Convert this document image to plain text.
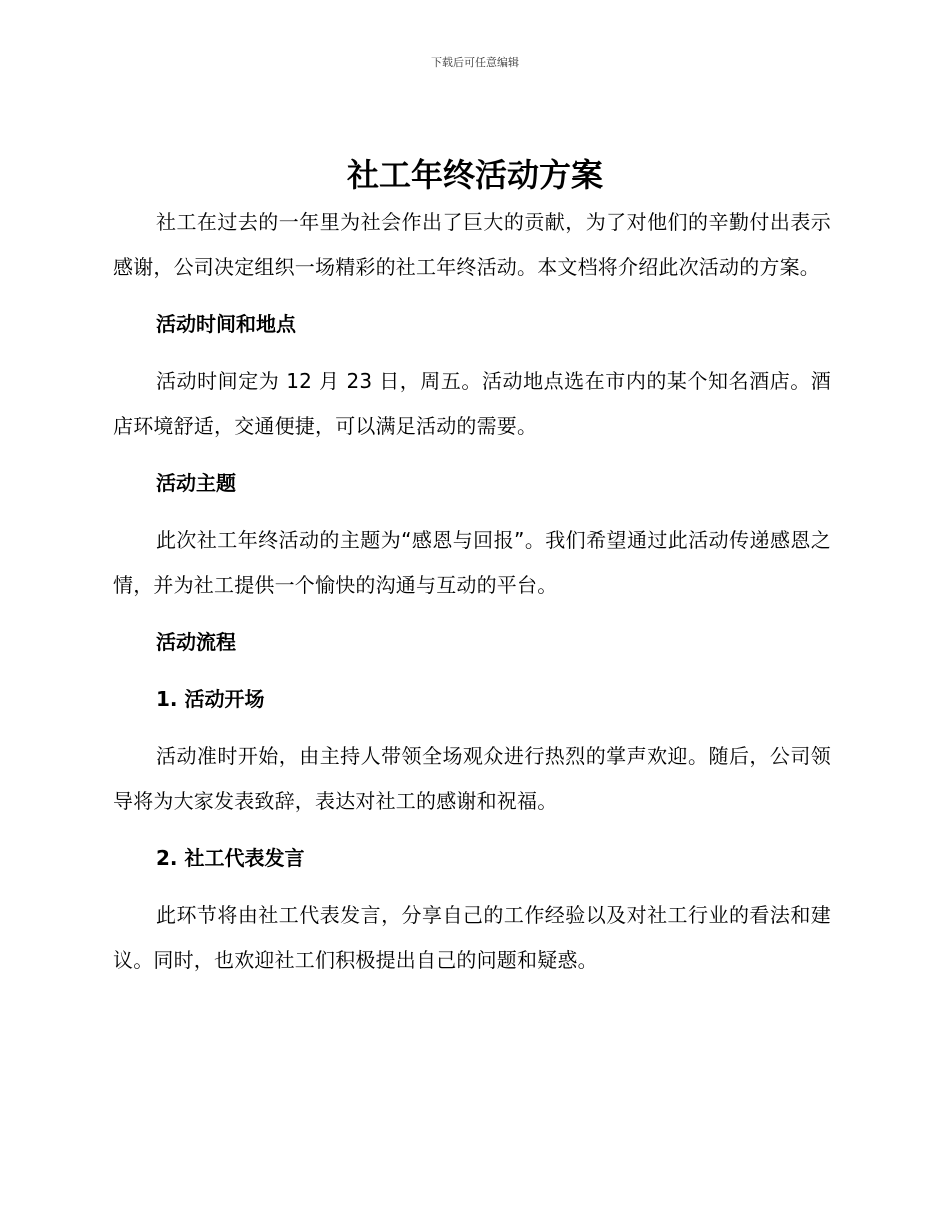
下载后可任意编辑
社工年终活动方案

社工在过去的一年里为社会作出了巨大的贡献，为了对他们的辛勤付出表示感谢，公司决定组织一场精彩的社工年终活动。本文档将介绍此次活动的方案。

活动时间和地点

活动时间定为 12 月 23 日，周五。活动地点选在市内的某个知名酒店。酒店环境舒适，交通便捷，可以满足活动的需要。

活动主题

此次社工年终活动的主题为“感恩与回报”。我们希望通过此活动传递感恩之情，并为社工提供一个愉快的沟通与互动的平台。

活动流程
1. 活动开场

活动准时开始，由主持人带领全场观众进行热烈的掌声欢迎。随后，公司领导将为大家发表致辞，表达对社工的感谢和祝福。

2. 社工代表发言

此环节将由社工代表发言，分享自己的工作经验以及对社工行业的看法和建议。同时，也欢迎社工们积极提出自己的问题和疑惑。
